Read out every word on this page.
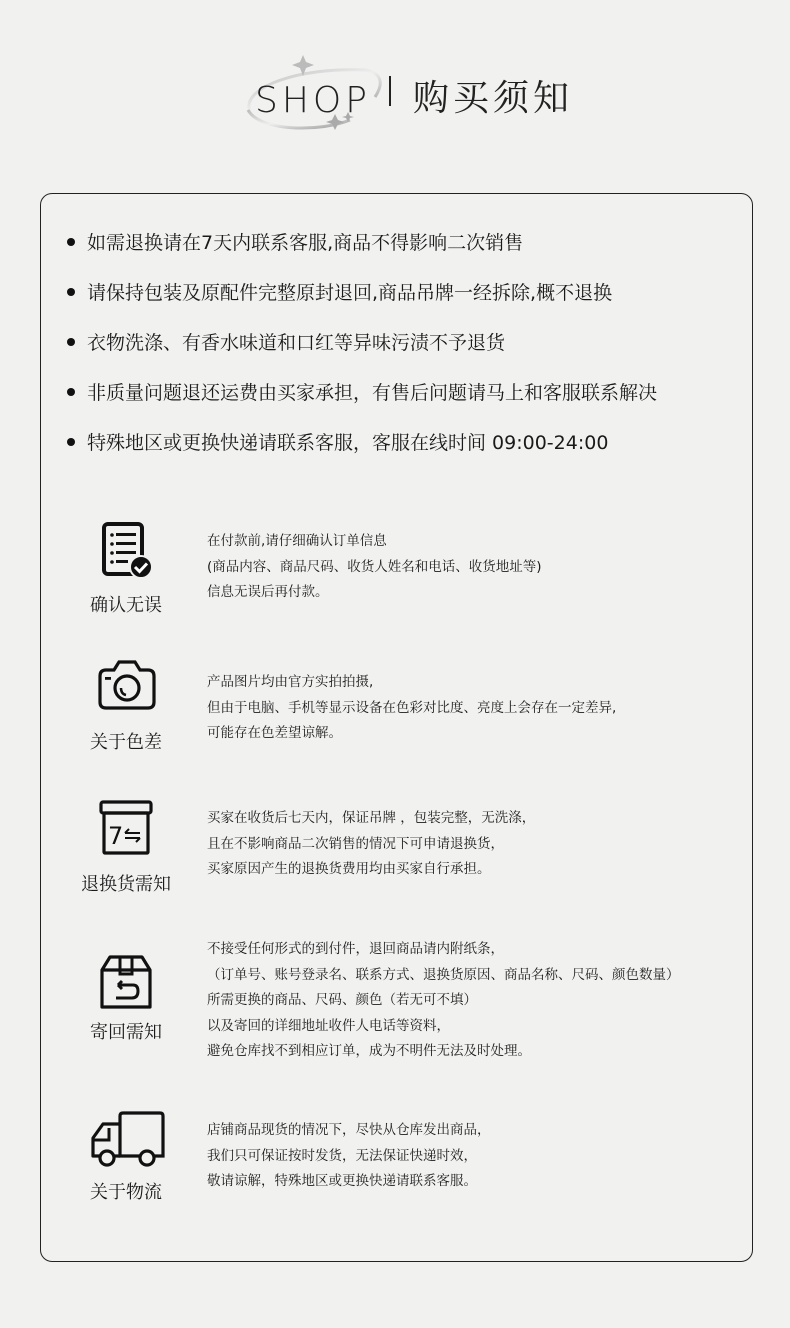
SHOP 购买须知
如需退换请在7天内联系客服,商品不得影响二次销售
请保持包装及原配件完整原封退回,商品吊牌一经拆除,概不退换
衣物洗涤、有香水味道和口红等异味污渍不予退货
非质量问题退还运费由买家承担，有售后问题请马上和客服联系解决
特殊地区或更换快递请联系客服，客服在线时间 09:00-24:00
确认无误
在付款前,请仔细确认订单信息
(商品内容、商品尺码、收货人姓名和电话、收货地址等)
信息无误后再付款。
关于色差
产品图片均由官方实拍拍摄,
但由于电脑、手机等显示设备在色彩对比度、亮度上会存在一定差异,
可能存在色差望谅解。
7
退换货需知
买家在收货后七天内，保证吊牌 ，包装完整，无洗涤，
且在不影响商品二次销售的情况下可申请退换货，
买家原因产生的退换货费用均由买家自行承担。
寄回需知
不接受任何形式的到付件，退回商品请内附纸条，
（订单号、账号登录名、联系方式、退换货原因、商品名称、尺码、颜色数量）
所需更换的商品、尺码、颜色（若无可不填）
以及寄回的详细地址收件人电话等资料，
避免仓库找不到相应订单，成为不明件无法及时处理。
关于物流
店铺商品现货的情况下，尽快从仓库发出商品，
我们只可保证按时发货，无法保证快递时效，
敬请谅解，特殊地区或更换快递请联系客服。
